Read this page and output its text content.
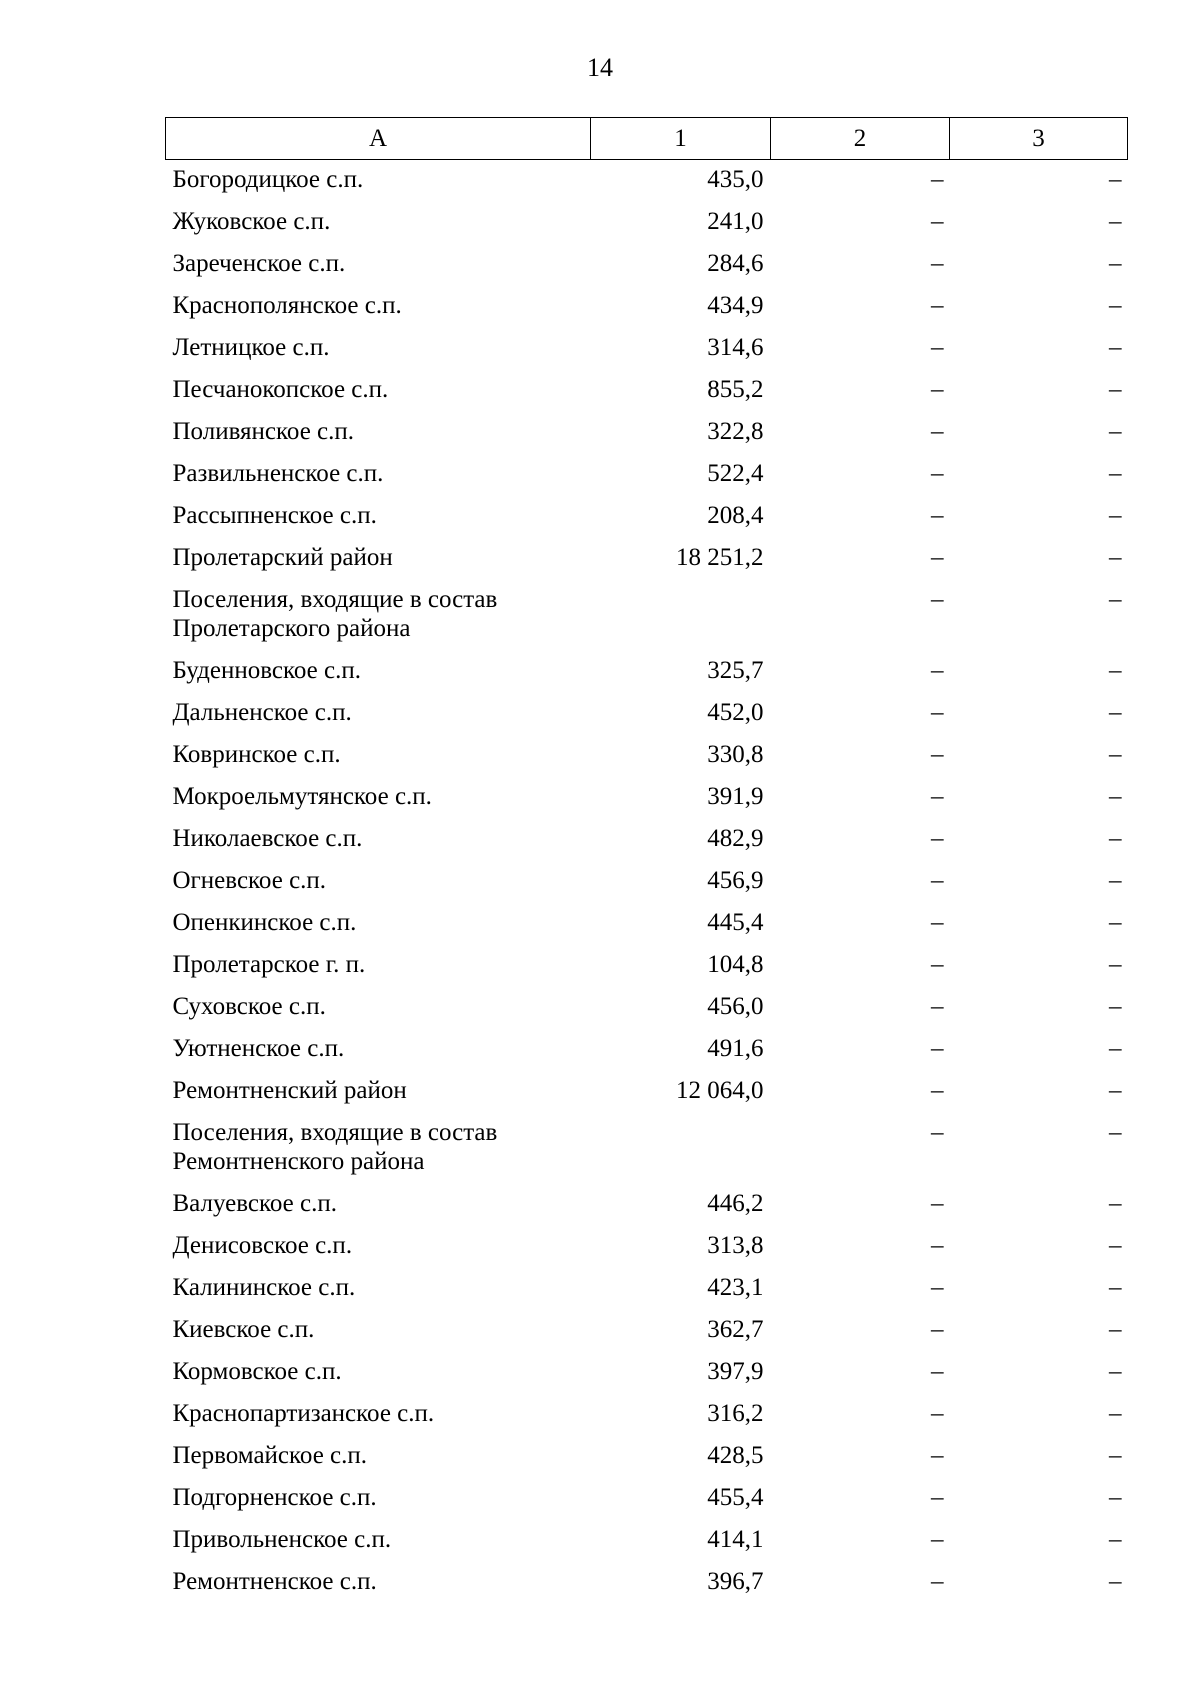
14
А	1	2	3
Богородицкое с.п.	435,0	–	–
Жуковское с.п.	241,0	–	–
Зареченское с.п.	284,6	–	–
Краснополянское с.п.	434,9	–	–
Летницкое с.п.	314,6	–	–
Песчанокопское с.п.	855,2	–	–
Поливянское с.п.	322,8	–	–
Развильненское с.п.	522,4	–	–
Рассыпненское с.п.	208,4	–	–
Пролетарский район	18 251,2	–	–
Поселения, входящие в состав Пролетарского района		–	–
Буденновское с.п.	325,7	–	–
Дальненское с.п.	452,0	–	–
Ковринское с.п.	330,8	–	–
Мокроельмутянское с.п.	391,9	–	–
Николаевское с.п.	482,9	–	–
Огневское с.п.	456,9	–	–
Опенкинское с.п.	445,4	–	–
Пролетарское г. п.	104,8	–	–
Суховское с.п.	456,0	–	–
Уютненское с.п.	491,6	–	–
Ремонтненский район	12 064,0	–	–
Поселения, входящие в состав Ремонтненского района		–	–
Валуевское с.п.	446,2	–	–
Денисовское с.п.	313,8	–	–
Калининское с.п.	423,1	–	–
Киевское с.п.	362,7	–	–
Кормовское с.п.	397,9	–	–
Краснопартизанское с.п.	316,2	–	–
Первомайское с.п.	428,5	–	–
Подгорненское с.п.	455,4	–	–
Привольненское с.п.	414,1	–	–
Ремонтненское с.п.	396,7	–	–
